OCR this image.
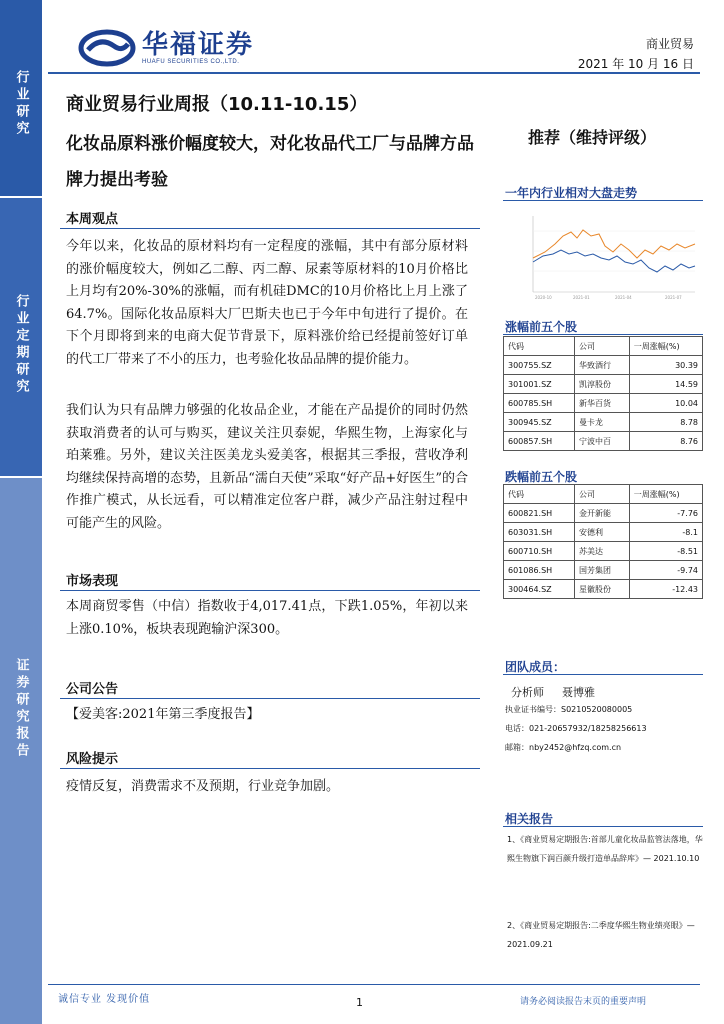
行业研究
行业定期研究
证券研究报告
华福证券
HUAFU SECURITIES CO.,LTD.
商业贸易
2021 年 10 月 16 日
商业贸易行业周报（10.11-10.15）
化妆品原料涨价幅度较大，对化妆品代工厂与品牌方品牌力提出考验
推荐（维持评级）
本周观点
今年以来，化妆品的原材料均有一定程度的涨幅，其中有部分原材料的涨价幅度较大，例如乙二醇、丙二醇、尿素等原材料的10月价格比上月均有20%-30%的涨幅，而有机硅DMC的10月价格比上月上涨了64.7%。国际化妆品原料大厂巴斯夫也已于今年中旬进行了提价。在下个月即将到来的电商大促节背景下，原料涨价给已经提前签好订单的代工厂带来了不小的压力，也考验化妆品品牌的提价能力。
我们认为只有品牌力够强的化妆品企业，才能在产品提价的同时仍然获取消费者的认可与购买，建议关注贝泰妮，华熙生物，上海家化与珀莱雅。另外，建议关注医美龙头爱美客，根据其三季报，营收净利均继续保持高增的态势，且新品“濡白天使”采取“好产品+好医生”的合作推广模式，从长远看，可以精准定位客户群，减少产品注射过程中可能产生的风险。
市场表现
本周商贸零售（中信）指数收于4,017.41点，下跌1.05%，年初以来上涨0.10%，板块表现跑输沪深300。
公司公告
【爱美客:2021年第三季度报告】
风险提示
疫情反复，消费需求不及预期，行业竞争加剧。
一年内行业相对大盘走势
2020-10	2021-01	2021-04	2021-07
涨幅前五个股
代码	公司	一周涨幅(%)
300755.SZ	华致酒行	30.39
301001.SZ	凯淳股份	14.59
600785.SH	新华百货	10.04
300945.SZ	曼卡龙	8.78
600857.SH	宁波中百	8.76
跌幅前五个股
代码	公司	一周涨幅(%)
600821.SH	金开新能	-7.76
603031.SH	安德利	-8.1
600710.SH	苏美达	-8.51
601086.SH	国芳集团	-9.74
300464.SZ	星徽股份	-12.43
团队成员：
分析师 聂博雅
执业证书编号：S0210520080005
电话：021-20657932/18258256613
邮箱：nby2452@hfzq.com.cn
相关报告
1、《商业贸易定期报告:首部儿童化妆品监管法落地，华熙生物旗下润百颜升级打造单品辞库》— 2021.10.10
2、《商业贸易定期报告:二季度华熙生物业绩亮眼》— 2021.09.21
诚信专业 发现价值	1	请务必阅读报告末页的重要声明
